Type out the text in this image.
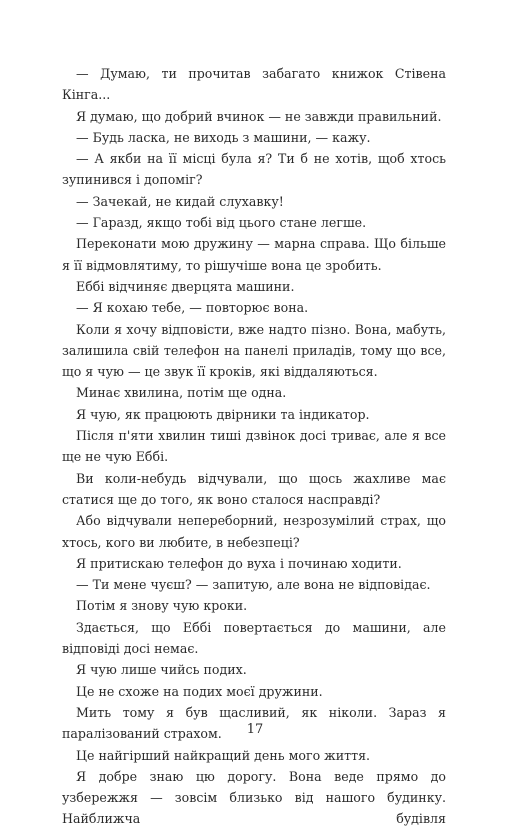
— Думаю, ти прочитав забагато книжок Стівена Кінга...

Я думаю, що добрий вчинок — не завжди правильний.

— Будь ласка, не виходь з машини, — кажу.

— А якби на її місці була я? Ти б не хотів, щоб хтось зупинився і допоміг?

— Зачекай, не кидай слухавку!

— Гаразд, якщо тобі від цього стане легше.

Переконати мою дружину — марна справа. Що більше я її відмовлятиму, то рішучіше вона це зробить.

Еббі відчиняє дверцята машини.

— Я кохаю тебе, — повторює вона.

Коли я хочу відповісти, вже надто пізно. Вона, мабуть, залишила свій телефон на панелі приладів, тому що все, що я чую — це звук її кроків, які віддаляються.

Минає хвилина, потім ще одна.

Я чую, як працюють двірники та індикатор.

Після п'яти хвилин тиші дзвінок досі триває, але я все ще не чую Еббі.

Ви коли-небудь відчували, що щось жахливе має статися ще до того, як воно сталося насправді?

Або відчували непереборний, незрозумілий страх, що хтось, кого ви любите, в небезпеці?

Я притискаю телефон до вуха і починаю ходити.

— Ти мене чуєш? — запитую, але вона не відповідає.

Потім я знову чую кроки.

Здається, що Еббі повертається до машини, але відповіді досі немає.

Я чую лише чийсь подих.

Це не схоже на подих моєї дружини.

Мить тому я був щасливий, як ніколи. Зараз я паралізований страхом.

Це найгірший найкращий день мого життя.

Я добре знаю цю дорогу. Вона веде прямо до узбережжя — зовсім близько від нашого будинку. Найближча будівля

17
